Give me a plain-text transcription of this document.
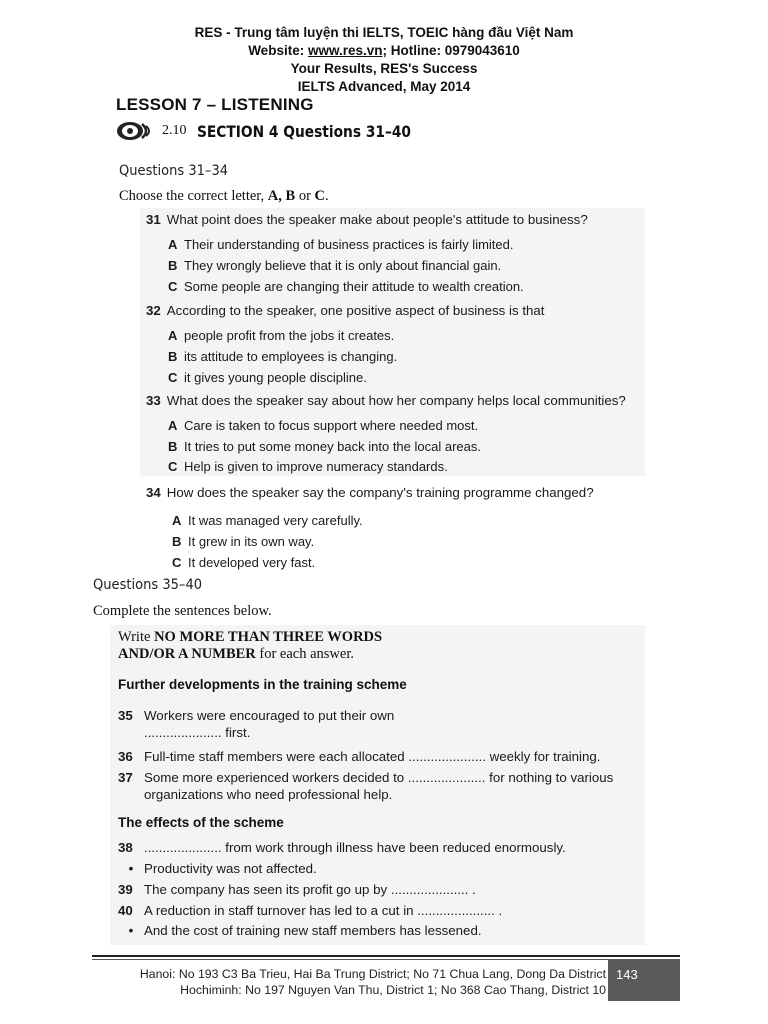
RES - Trung tâm luyện thi IELTS, TOEIC hàng đầu Việt Nam
Website: www.res.vn; Hotline: 0979043610
Your Results, RES's Success
IELTS Advanced, May 2014
LESSON 7 – LISTENING
2.10 SECTION 4 Questions 31–40
Questions 31–34
Choose the correct letter, A, B or C.
31 What point does the speaker make about people's attitude to business?
A Their understanding of business practices is fairly limited.
B They wrongly believe that it is only about financial gain.
C Some people are changing their attitude to wealth creation.
32 According to the speaker, one positive aspect of business is that
A people profit from the jobs it creates.
B its attitude to employees is changing.
C it gives young people discipline.
33 What does the speaker say about how her company helps local communities?
A Care is taken to focus support where needed most.
B It tries to put some money back into the local areas.
C Help is given to improve numeracy standards.
34 How does the speaker say the company's training programme changed?
A It was managed very carefully.
B It grew in its own way.
C It developed very fast.
Questions 35–40
Complete the sentences below.
Write NO MORE THAN THREE WORDS
AND/OR A NUMBER for each answer.
Further developments in the training scheme
35 Workers were encouraged to put their own
..................... first.
36 Full-time staff members were each allocated ..................... weekly for training.
37 Some more experienced workers decided to ..................... for nothing to various
organizations who need professional help.
The effects of the scheme
38 ..................... from work through illness have been reduced enormously.
• Productivity was not affected.
39 The company has seen its profit go up by ..................... .
40 A reduction in staff turnover has led to a cut in ..................... .
• And the cost of training new staff members has lessened.
Hanoi: No 193 C3 Ba Trieu, Hai Ba Trung District; No 71 Chua Lang, Dong Da District
Hochiminh: No 197 Nguyen Van Thu, District 1; No 368 Cao Thang, District 10
143
